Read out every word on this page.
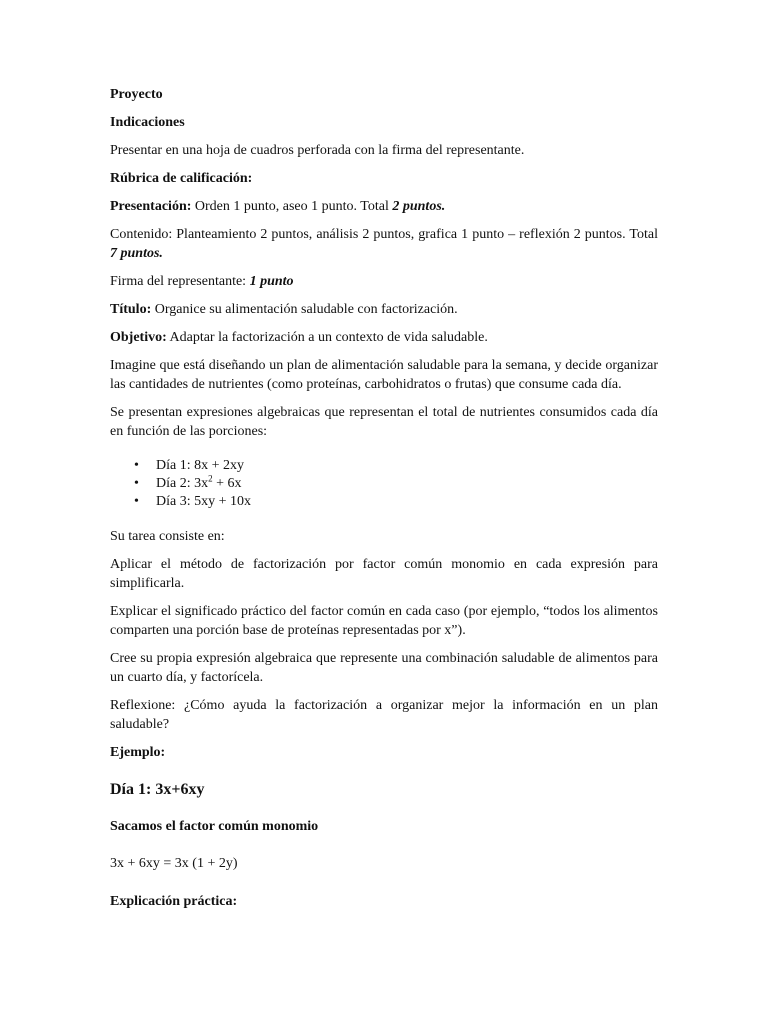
Proyecto

Indicaciones

Presentar en una hoja de cuadros perforada con la firma del representante.

Rúbrica de calificación:

Presentación: Orden 1 punto, aseo 1 punto. Total 2 puntos.

Contenido: Planteamiento 2 puntos, análisis 2 puntos, grafica 1 punto – reflexión 2 puntos. Total 7 puntos.

Firma del representante: 1 punto

Título: Organice su alimentación saludable con factorización.

Objetivo: Adaptar la factorización a un contexto de vida saludable.

Imagine que está diseñando un plan de alimentación saludable para la semana, y decide organizar las cantidades de nutrientes (como proteínas, carbohidratos o frutas) que consume cada día.

Se presentan expresiones algebraicas que representan el total de nutrientes consumidos cada día en función de las porciones:

• Día 1: 8x + 2xy
• Día 2: $3x^2 + 6x$
• Día 3: 5xy + 10x

Su tarea consiste en:

Aplicar el método de factorización por factor común monomio en cada expresión para simplificarla.

Explicar el significado práctico del factor común en cada caso (por ejemplo, “todos los alimentos comparten una porción base de proteínas representadas por x”).

Cree su propia expresión algebraica que represente una combinación saludable de alimentos para un cuarto día, y factorícela.

Reflexione: ¿Cómo ayuda la factorización a organizar mejor la información en un plan saludable?

Ejemplo:

Día 1: 3x+6xy
Sacamos el factor común monomio
3x + 6xy = 3x (1 + 2y)
Explicación práctica:
